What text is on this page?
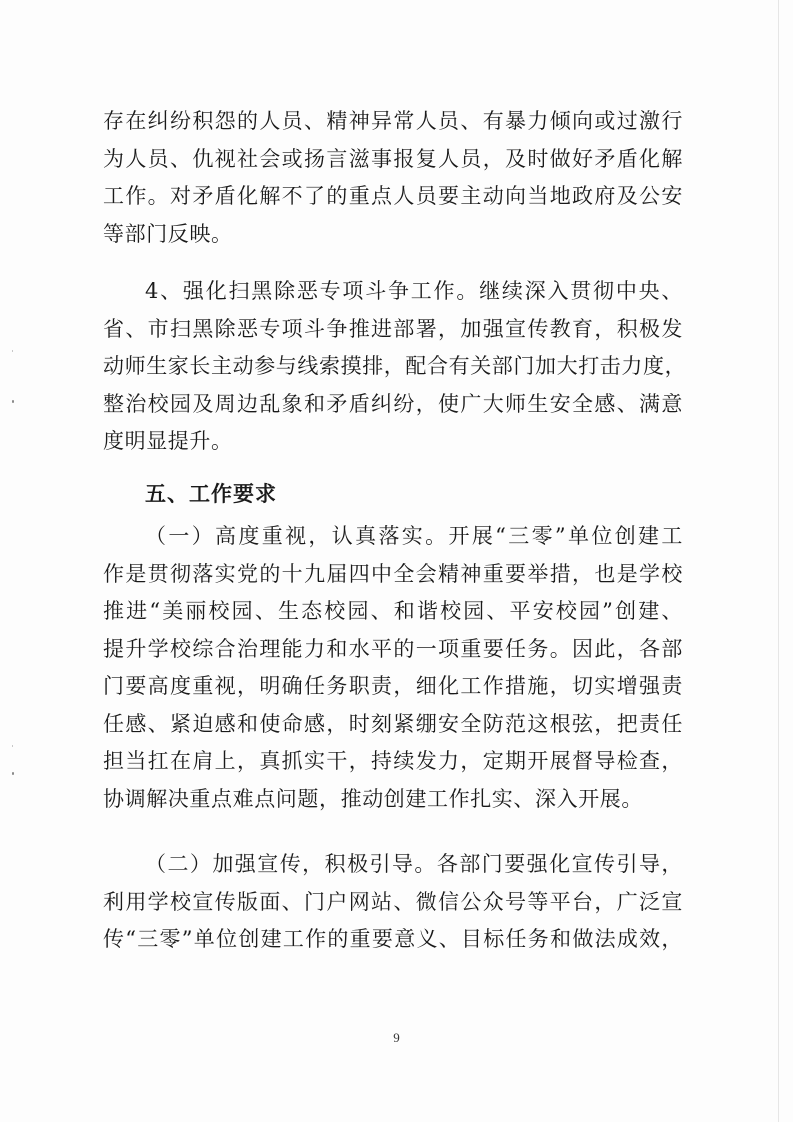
存在纠纷积怨的人员、精神异常人员、有暴力倾向或过激行
为人员、仇视社会或扬言滋事报复人员，及时做好矛盾化解
工作。对矛盾化解不了的重点人员要主动向当地政府及公安
等部门反映。
4、强化扫黑除恶专项斗争工作。继续深入贯彻中央、
省、市扫黑除恶专项斗争推进部署，加强宣传教育，积极发
动师生家长主动参与线索摸排，配合有关部门加大打击力度，
整治校园及周边乱象和矛盾纠纷，使广大师生安全感、满意
度明显提升。
五、工作要求
（一）高度重视，认真落实。开展“三零”单位创建工
作是贯彻落实党的十九届四中全会精神重要举措，也是学校
推进“美丽校园、生态校园、和谐校园、平安校园”创建、
提升学校综合治理能力和水平的一项重要任务。因此，各部
门要高度重视，明确任务职责，细化工作措施，切实增强责
任感、紧迫感和使命感，时刻紧绷安全防范这根弦，把责任
担当扛在肩上，真抓实干，持续发力，定期开展督导检查，
协调解决重点难点问题，推动创建工作扎实、深入开展。
（二）加强宣传，积极引导。各部门要强化宣传引导，
利用学校宣传版面、门户网站、微信公众号等平台，广泛宣
传“三零”单位创建工作的重要意义、目标任务和做法成效，
9
